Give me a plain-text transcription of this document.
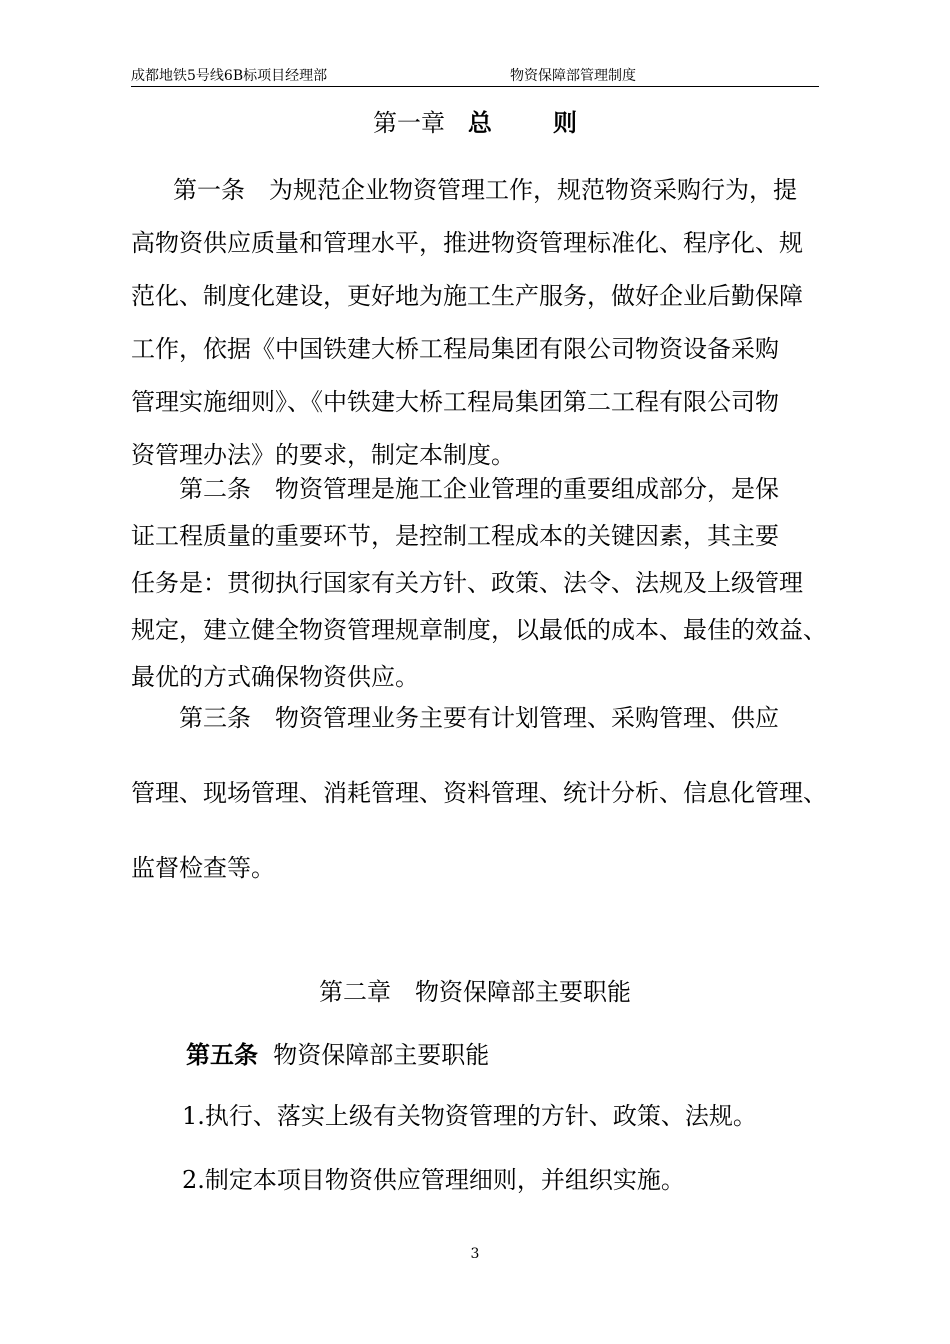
成都地铁5号线6B标项目经理部	物资保障部管理制度
第一章 总	则

第一条　为规范企业物资管理工作，规范物资采购行为，提

高物资供应质量和管理水平，推进物资管理标准化、程序化、规

范化、制度化建设，更好地为施工生产服务，做好企业后勤保障

工作，依据《中国铁建大桥工程局集团有限公司物资设备采购

管理实施细则》、《中铁建大桥工程局集团第二工程有限公司物

资管理办法》的要求，制定本制度。

第二条　物资管理是施工企业管理的重要组成部分，是保

证工程质量的重要环节，是控制工程成本的关键因素，其主要

任务是：贯彻执行国家有关方针、政策、法令、法规及上级管理

规定，建立健全物资管理规章制度，以最低的成本、最佳的效益、

最优的方式确保物资供应。

第三条　物资管理业务主要有计划管理、采购管理、供应

管理、现场管理、消耗管理、资料管理、统计分析、信息化管理、

监督检查等。

第二章　物资保障部主要职能
第五条 物资保障部主要职能
1.执行、落实上级有关物资管理的方针、政策、法规。
2.制定本项目物资供应管理细则，并组织实施。
3
